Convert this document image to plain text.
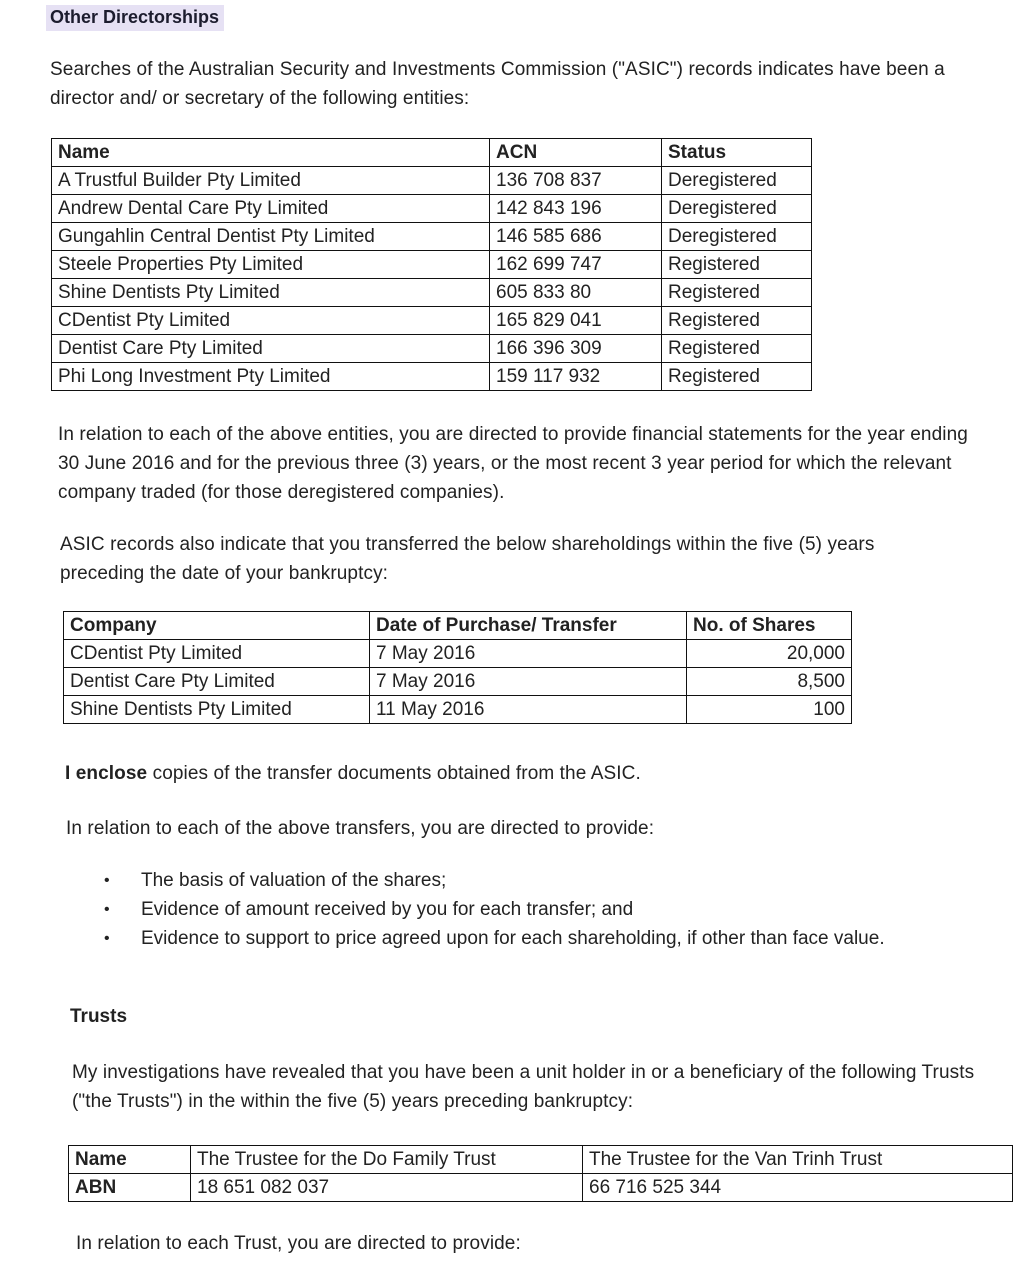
Other Directorships
Searches of the Australian Security and Investments Commission ("ASIC") records indicates have been a director and/ or secretary of the following entities:
Name	ACN	Status
A Trustful Builder Pty Limited	136 708 837	Deregistered
Andrew Dental Care Pty Limited	142 843 196	Deregistered
Gungahlin Central Dentist Pty Limited	146 585 686	Deregistered
Steele Properties Pty Limited	162 699 747	Registered
Shine Dentists Pty Limited	605 833 80	Registered
CDentist Pty Limited	165 829 041	Registered
Dentist Care Pty Limited	166 396 309	Registered
Phi Long Investment Pty Limited	159 117 932	Registered
In relation to each of the above entities, you are directed to provide financial statements for the year ending 30 June 2016 and for the previous three (3) years, or the most recent 3 year period for which the relevant company traded (for those deregistered companies).
ASIC records also indicate that you transferred the below shareholdings within the five (5) years preceding the date of your bankruptcy:
Company	Date of Purchase/ Transfer	No. of Shares
CDentist Pty Limited	7 May 2016	20,000
Dentist Care Pty Limited	7 May 2016	8,500
Shine Dentists Pty Limited	11 May 2016	100
I enclose copies of the transfer documents obtained from the ASIC.
In relation to each of the above transfers, you are directed to provide:
• The basis of valuation of the shares;
• Evidence of amount received by you for each transfer; and
• Evidence to support to price agreed upon for each shareholding, if other than face value.
Trusts
My investigations have revealed that you have been a unit holder in or a beneficiary of the following Trusts ("the Trusts") in the within the five (5) years preceding bankruptcy:
Name	The Trustee for the Do Family Trust	The Trustee for the Van Trinh Trust
ABN	18 651 082 037	66 716 525 344
In relation to each Trust, you are directed to provide:
